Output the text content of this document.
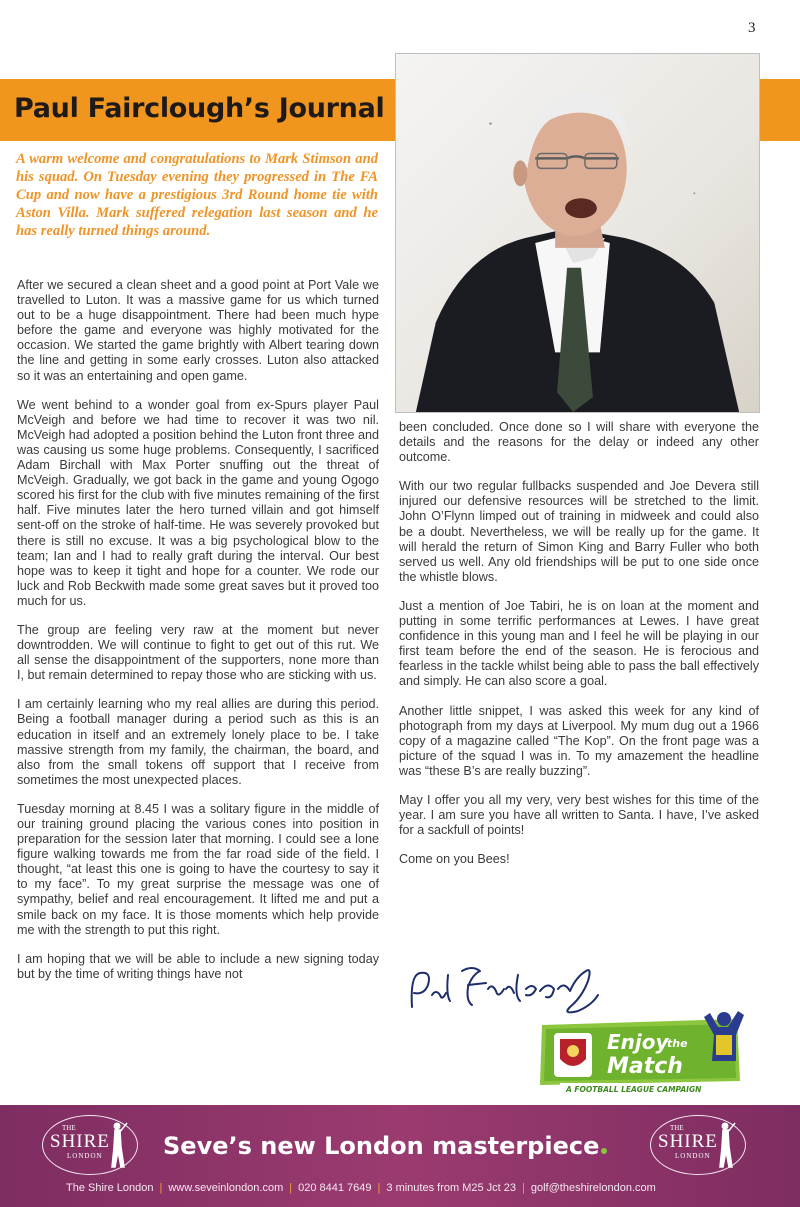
3
Paul Fairclough’s Journal

A warm welcome and congratulations to Mark Stimson and his squad. On Tuesday evening they progressed in The FA Cup and now have a prestigious 3rd Round home tie with Aston Villa. Mark suffered relegation last season and he has really turned things around.

After we secured a clean sheet and a good point at Port Vale we travelled to Luton. It was a massive game for us which turned out to be a huge disappointment. There had been much hype before the game and everyone was highly motivated for the occasion. We started the game brightly with Albert tearing down the line and getting in some early crosses. Luton also attacked so it was an entertaining and open game.

We went behind to a wonder goal from ex-Spurs player Paul McVeigh and before we had time to recover it was two nil. McVeigh had adopted a position behind the Luton front three and was causing us some huge problems. Consequently, I sacrificed Adam Birchall with Max Porter snuffing out the threat of McVeigh. Gradually, we got back in the game and young Ogogo scored his first for the club with five minutes remaining of the first half. Five minutes later the hero turned villain and got himself sent-off on the stroke of half-time. He was severely provoked but there is still no excuse. It was a big psychological blow to the team; Ian and I had to really graft during the interval. Our best hope was to keep it tight and hope for a counter. We rode our luck and Rob Beckwith made some great saves but it proved too much for us.

The group are feeling very raw at the moment but never downtrodden. We will continue to fight to get out of this rut. We all sense the disappointment of the supporters, none more than I, but remain determined to repay those who are sticking with us.

I am certainly learning who my real allies are during this period. Being a football manager during a period such as this is an education in itself and an extremely lonely place to be. I take massive strength from my family, the chairman, the board, and also from the small tokens off support that I receive from sometimes the most unexpected places.

Tuesday morning at 8.45 I was a solitary figure in the middle of our training ground placing the various cones into position in preparation for the session later that morning. I could see a lone figure walking towards me from the far road side of the field. I thought, “at least this one is going to have the courtesy to say it to my face”. To my great surprise the message was one of sympathy, belief and real encouragement. It lifted me and put a smile back on my face. It is those moments which help provide me with the strength to put this right.

I am hoping that we will be able to include a new signing today but by the time of writing things have not

been concluded. Once done so I will share with everyone the details and the reasons for the delay or indeed any other outcome.

With our two regular fullbacks suspended and Joe Devera still injured our defensive resources will be stretched to the limit. John O’Flynn limped out of training in midweek and could also be a doubt. Nevertheless, we will be really up for the game. It will herald the return of Simon King and Barry Fuller who both served us well. Any old friendships will be put to one side once the whistle blows.

Just a mention of Joe Tabiri, he is on loan at the moment and putting in some terrific performances at Lewes. I have great confidence in this young man and I feel he will be playing in our first team before the end of the season. He is ferocious and fearless in the tackle whilst being able to pass the ball effectively and simply. He can also score a goal.

Another little snippet, I was asked this week for any kind of photograph from my days at Liverpool. My mum dug out a 1966 copy of a magazine called “The Kop”. On the front page was a picture of the squad I was in. To my amazement the headline was “these B’s are really buzzing”.

May I offer you all my very, very best wishes for this time of the year. I am sure you have all written to Santa. I have, I’ve asked for a sackfull of points!

Come on you Bees!

Enjoy
the
Match
A FOOTBALL LEAGUE CAMPAIGN
THE
SHIRE
LONDON	Seve’s new London masterpiece
THE
SHIRE
LONDON
The Shire London | www.seveinlondon.com | 020 8441 7649 | 3 minutes from M25 Jct 23 | golf@theshirelondon.com
